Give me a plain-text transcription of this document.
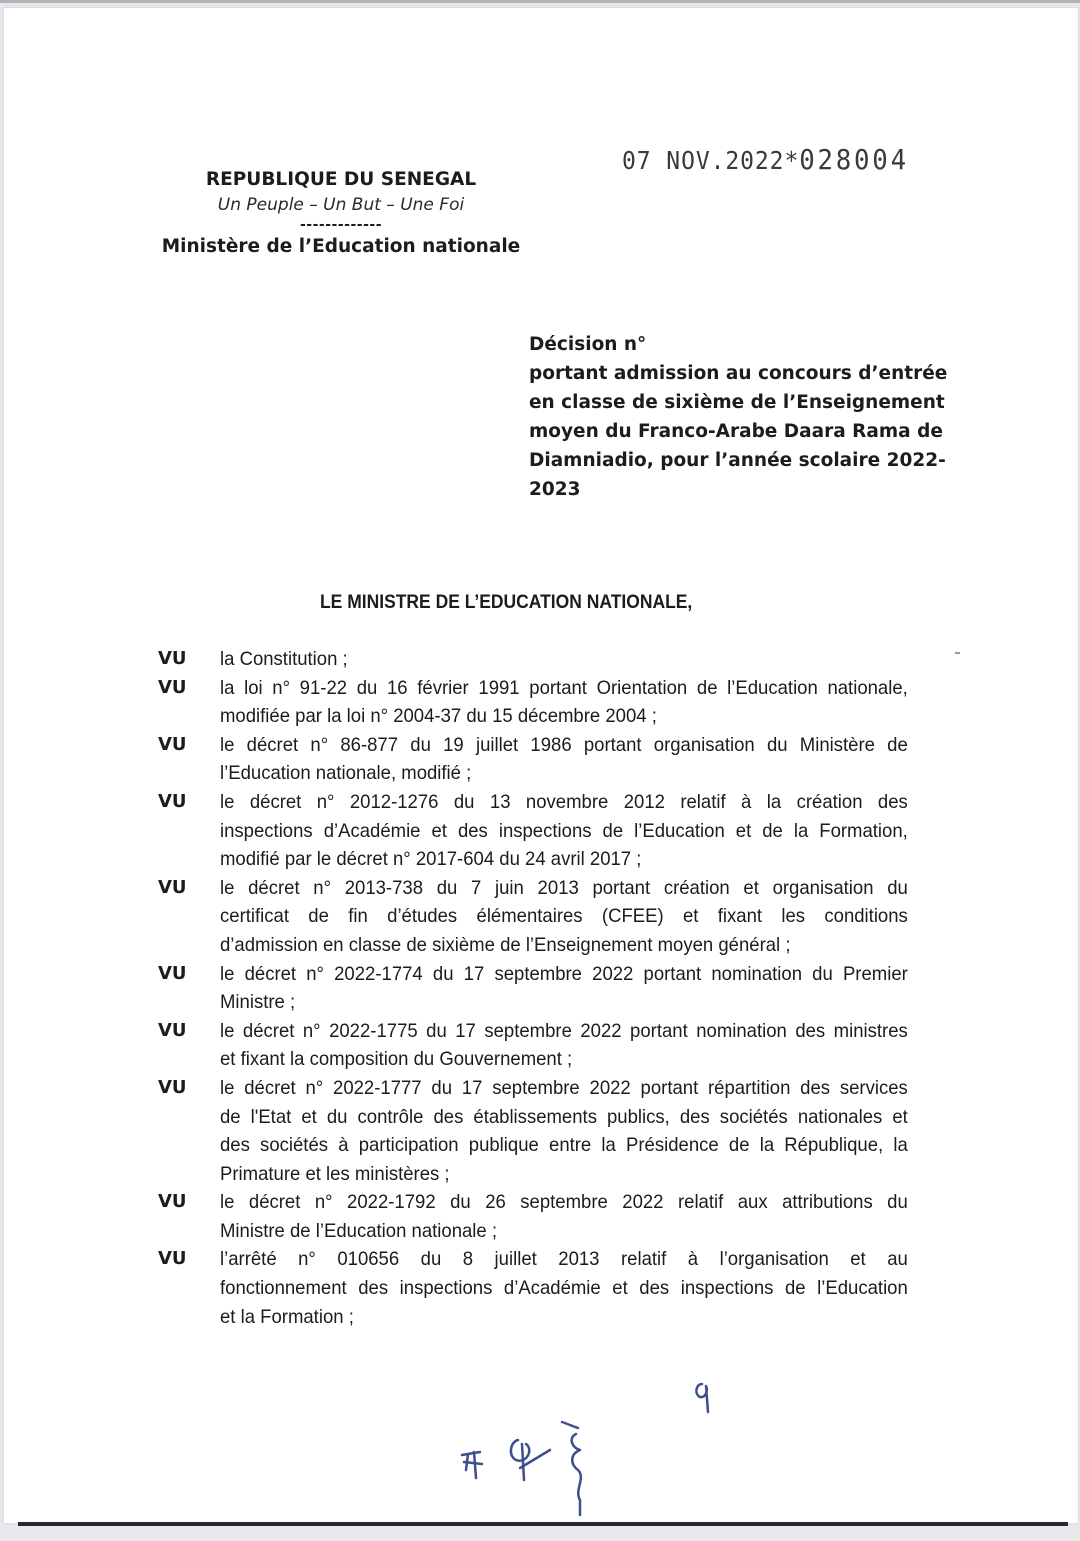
07 NOV.2022*028004
REPUBLIQUE DU SENEGAL
Un Peuple – Un But – Une Foi
-------------
Ministère de l’Education nationale
Décision n°
portant admission au concours d’entrée
en classe de sixième de l’Enseignement
moyen du Franco-Arabe Daara Rama de
Diamniadio, pour l’année scolaire 2022-
2023
LE MINISTRE DE L’EDUCATION NATIONALE,
VU	la Constitution ;
VU	la loi n° 91-22 du 16 février 1991 portant Orientation de l’Education nationale,
modifiée par la loi n° 2004-37 du 15 décembre 2004 ;
VU	le décret n° 86-877 du 19 juillet 1986 portant organisation du Ministère de
l’Education nationale, modifié ;
VU	le décret n° 2012-1276 du 13 novembre 2012 relatif à la création des
inspections d’Académie et des inspections de l’Education et de la Formation,
modifié par le décret n° 2017-604 du 24 avril 2017 ;
VU	le décret n° 2013-738 du 7 juin 2013 portant création et organisation du
certificat de fin d’études élémentaires (CFEE) et fixant les conditions
d’admission en classe de sixième de l’Enseignement moyen général ;
VU	le décret n° 2022-1774 du 17 septembre 2022 portant nomination du Premier
Ministre ;
VU	le décret n° 2022-1775 du 17 septembre 2022 portant nomination des ministres
et fixant la composition du Gouvernement ;
VU	le décret n° 2022-1777 du 17 septembre 2022 portant répartition des services
de l'Etat et du contrôle des établissements publics, des sociétés nationales et
des sociétés à participation publique entre la Présidence de la République, la
Primature et les ministères ;
VU	le décret n° 2022-1792 du 26 septembre 2022 relatif aux attributions du
Ministre de l’Education nationale ;
VU	l’arrêté n° 010656 du 8 juillet 2013 relatif à l’organisation et au
fonctionnement des inspections d’Académie et des inspections de l’Education
et la Formation ;
